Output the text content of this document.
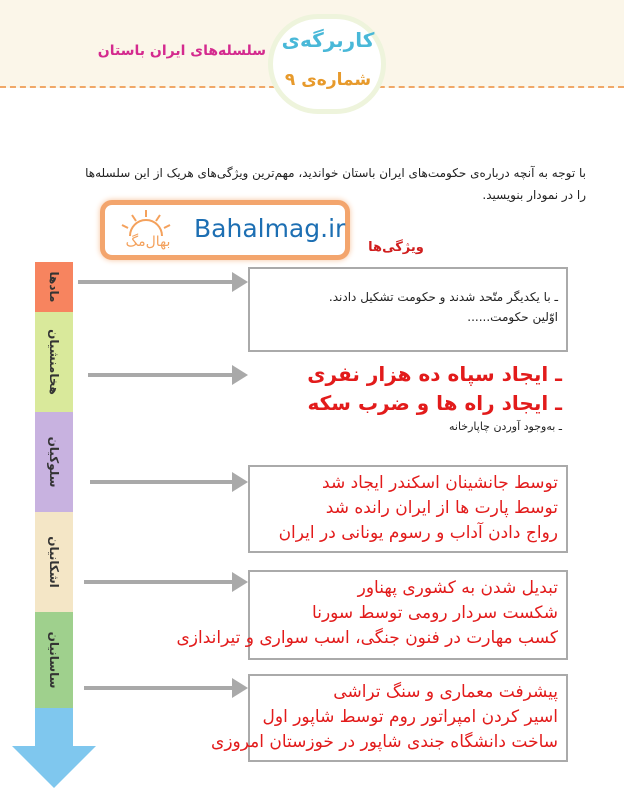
کاربرگه‌ی
شماره‌ی ۹
سلسله‌های ایران باستان
با توجه به آنچه درباره‌ی حکومت‌های ایران باستان خواندید، مهم‌ترین ویژگی‌های هریک از این سلسله‌ها
را در نمودار بنویسید.
بهال‌مگ Bahalmag.ir
ویژگی‌ها
مادها
هخامنشیان
سلوکیان
اشکانیان
ساسانیان
ـ با یکدیگر متّحد شدند و حکومت تشکیل دادند.
اوّلین حکومت......
ـ ایجاد سپاه ده هزار نفری
ـ ایجاد راه ها و ضرب سکه
ـ به‌وجود آوردن چاپارخانه
توسط جانشینان اسکندر ایجاد شد
توسط پارت ها از ایران رانده شد
رواج دادن آداب و رسوم یونانی در ایران
تبدیل شدن به کشوری پهناور
شکست سردار رومی توسط سورنا
کسب مهارت در فنون جنگی، اسب سواری و تیراندازی
پیشرفت معماری و سنگ تراشی
اسیر کردن امپراتور روم توسط شاپور اول
ساخت دانشگاه جندی شاپور در خوزستان امروزی
